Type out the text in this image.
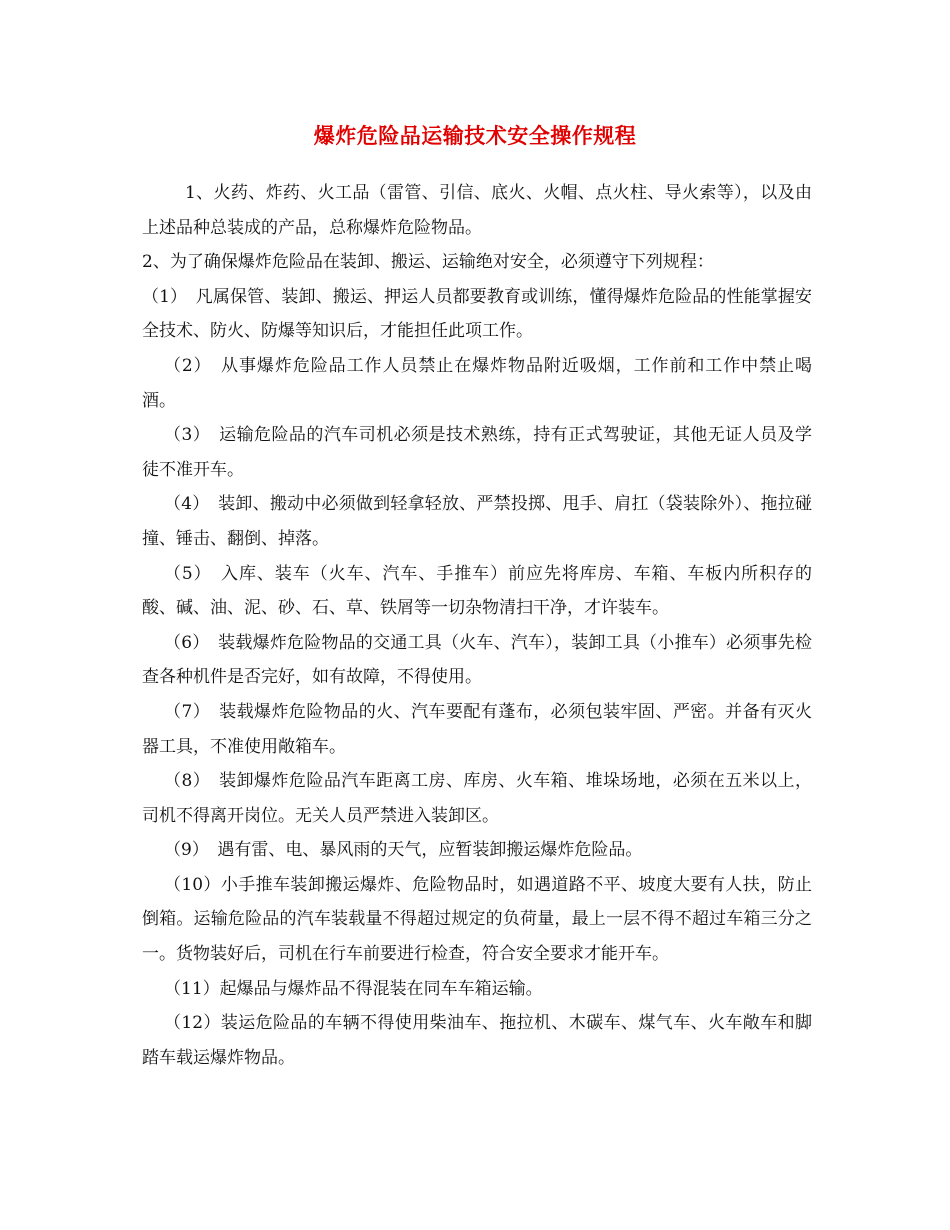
爆炸危险品运输技术安全操作规程

1、火药、炸药、火工品（雷管、引信、底火、火帽、点火柱、导火索等），以及由上述品种总装成的产品，总称爆炸危险物品。

2、为了确保爆炸危险品在装卸、搬运、运输绝对安全，必须遵守下列规程：

（1）　凡属保管、装卸、搬运、押运人员都要教育或训练，懂得爆炸危险品的性能掌握安全技术、防火、防爆等知识后，才能担任此项工作。

（2）　从事爆炸危险品工作人员禁止在爆炸物品附近吸烟，工作前和工作中禁止喝酒。

（3）　运输危险品的汽车司机必须是技术熟练，持有正式驾驶证，其他无证人员及学徒不准开车。

（4）　装卸、搬动中必须做到轻拿轻放、严禁投掷、甩手、肩扛（袋装除外）、拖拉碰撞、锤击、翻倒、掉落。

（5）　入库、装车（火车、汽车、手推车）前应先将库房、车箱、车板内所积存的酸、碱、油、泥、砂、石、草、铁屑等一切杂物清扫干净，才许装车。

（6）　装载爆炸危险物品的交通工具（火车、汽车），装卸工具（小推车）必须事先检查各种机件是否完好，如有故障，不得使用。

（7）　装载爆炸危险物品的火、汽车要配有蓬布，必须包装牢固、严密。并备有灭火器工具，不准使用敞箱车。

（8）　装卸爆炸危险品汽车距离工房、库房、火车箱、堆垛场地，必须在五米以上，司机不得离开岗位。无关人员严禁进入装卸区。

（9）　遇有雷、电、暴风雨的天气，应暂装卸搬运爆炸危险品。

（10）小手推车装卸搬运爆炸、危险物品时，如遇道路不平、坡度大要有人扶，防止倒箱。运输危险品的汽车装载量不得超过规定的负荷量，最上一层不得不超过车箱三分之一。货物装好后，司机在行车前要进行检查，符合安全要求才能开车。

（11）起爆品与爆炸品不得混装在同车车箱运输。

（12）装运危险品的车辆不得使用柴油车、拖拉机、木碳车、煤气车、火车敞车和脚踏车载运爆炸物品。
